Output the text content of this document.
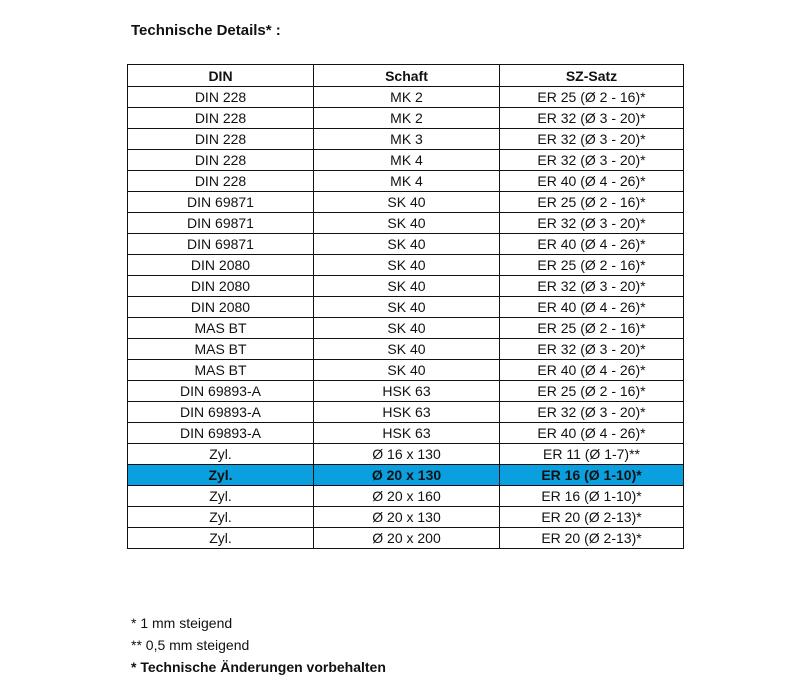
Technische Details* :
DIN	Schaft	SZ-Satz
DIN 228	MK 2	ER 25 (Ø 2 - 16)*
DIN 228	MK 2	ER 32 (Ø 3 - 20)*
DIN 228	MK 3	ER 32 (Ø 3 - 20)*
DIN 228	MK 4	ER 32 (Ø 3 - 20)*
DIN 228	MK 4	ER 40 (Ø 4 - 26)*
DIN 69871	SK 40	ER 25 (Ø 2 - 16)*
DIN 69871	SK 40	ER 32 (Ø 3 - 20)*
DIN 69871	SK 40	ER 40 (Ø 4 - 26)*
DIN 2080	SK 40	ER 25 (Ø 2 - 16)*
DIN 2080	SK 40	ER 32 (Ø 3 - 20)*
DIN 2080	SK 40	ER 40 (Ø 4 - 26)*
MAS BT	SK 40	ER 25 (Ø 2 - 16)*
MAS BT	SK 40	ER 32 (Ø 3 - 20)*
MAS BT	SK 40	ER 40 (Ø 4 - 26)*
DIN 69893-A	HSK 63	ER 25 (Ø 2 - 16)*
DIN 69893-A	HSK 63	ER 32 (Ø 3 - 20)*
DIN 69893-A	HSK 63	ER 40 (Ø 4 - 26)*
Zyl.	Ø 16 x 130	ER 11 (Ø 1-7)**
Zyl.	Ø 20 x 130	ER 16 (Ø 1-10)*
Zyl.	Ø 20 x 160	ER 16 (Ø 1-10)*
Zyl.	Ø 20 x 130	ER 20 (Ø 2-13)*
Zyl.	Ø 20 x 200	ER 20 (Ø 2-13)*
* 1 mm steigend
** 0,5 mm steigend
* Technische Änderungen vorbehalten
